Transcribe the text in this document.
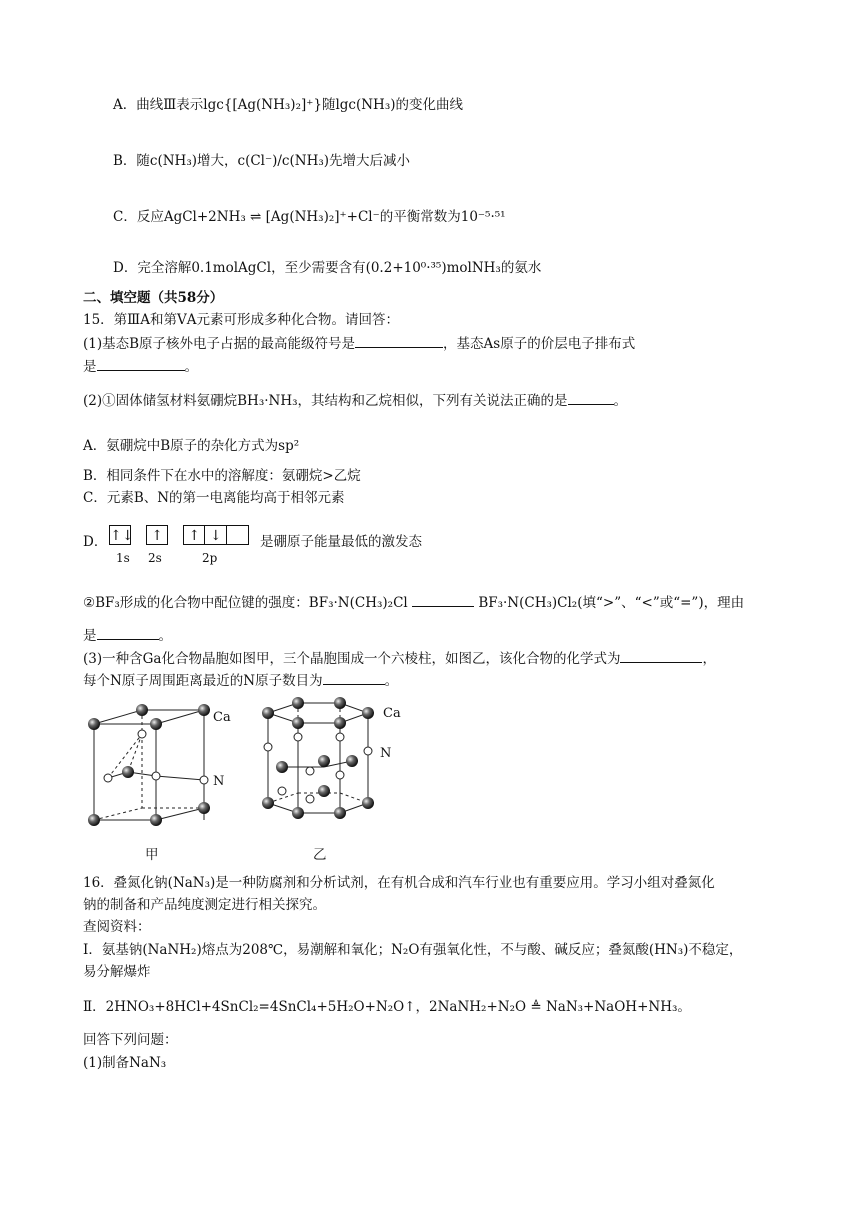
A．曲线Ⅲ表示lgc{[Ag(NH₃)₂]⁺}随lgc(NH₃)的变化曲线
B．随c(NH₃)增大，c(Cl⁻)/c(NH₃)先增大后减小
C．反应AgCl+2NH₃ ⇌ [Ag(NH₃)₂]⁺+Cl⁻的平衡常数为10⁻⁵·⁵¹
D．完全溶解0.1molAgCl，至少需要含有(0.2+10⁰·³⁵)molNH₃的氨水
二、填空题（共58分）
15．第ⅢA和第ⅤA元素可形成多种化合物。请回答：
(1)基态B原子核外电子占据的最高能级符号是	，基态As原子的价层电子排布式
是	。
(2)①固体储氢材料氨硼烷BH₃·NH₃，其结构和乙烷相似，下列有关说法正确的是	。
A．氨硼烷中B原子的杂化方式为sp²
B．相同条件下在水中的溶解度：氨硼烷>乙烷
C．元素B、N的第一电离能均高于相邻元素
D． ↑↓ ↑ ↑ ↓
1s 2s	2p
是硼原子能量最低的激发态
②BF₃形成的化合物中配位键的强度：BF₃·N(CH₃)₂Cl	BF₃·N(CH₃)Cl₂(填“>”、“<”或“=”)，理由
是	。
(3)一种含Ga化合物晶胞如图甲，三个晶胞围成一个六棱柱，如图乙，该化合物的化学式为	，
每个N原子周围距离最近的N原子数目为	。
Ca
N
甲
Ca
N
乙
16．叠氮化钠(NaN₃)是一种防腐剂和分析试剂，在有机合成和汽车行业也有重要应用。学习小组对叠氮化
钠的制备和产品纯度测定进行相关探究。
查阅资料：
I．氨基钠(NaNH₂)熔点为208℃，易潮解和氧化；N₂O有强氧化性，不与酸、碱反应；叠氮酸(HN₃)不稳定，
易分解爆炸
Ⅱ．2HNO₃+8HCl+4SnCl₂=4SnCl₄+5H₂O+N₂O↑，2NaNH₂+N₂O ≜ NaN₃+NaOH+NH₃。
回答下列问题：
(1)制备NaN₃
